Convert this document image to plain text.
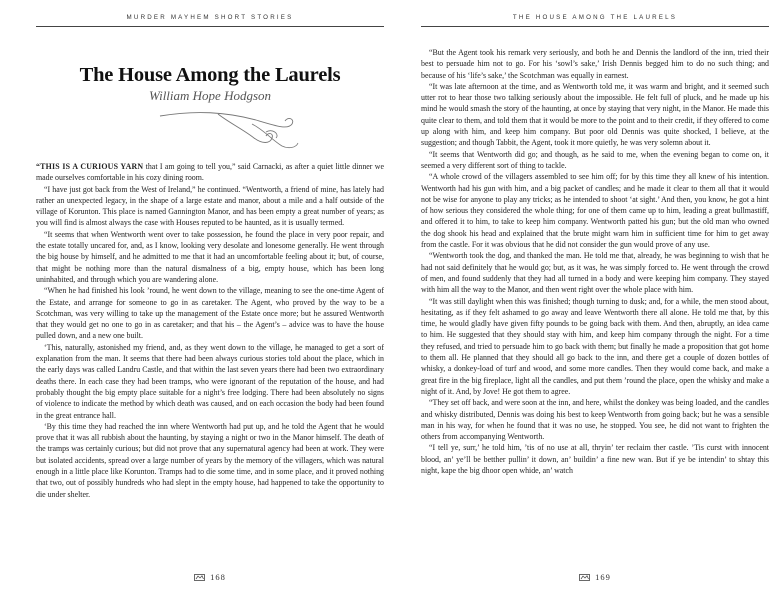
MURDER MAYHEM SHORT STORIES
The House Among the Laurels
William Hope Hodgson

“THIS IS A CURIOUS YARN that I am going to tell you,” said Carnacki, as after a quiet little dinner we made ourselves comfortable in his cozy dining room.

“I have just got back from the West of Ireland,” he continued. “Wentworth, a friend of mine, has lately had rather an unexpected legacy, in the shape of a large estate and manor, about a mile and a half outside of the village of Korunton. This place is named Gannington Manor, and has been empty a great number of years; as you will find is almost always the case with Houses reputed to be haunted, as it is usually termed.

“It seems that when Wentworth went over to take possession, he found the place in very poor repair, and the estate totally uncared for, and, as I know, looking very desolate and lonesome generally. He went through the big house by himself, and he admitted to me that it had an uncomfortable feeling about it; but, of course, that might be nothing more than the natural dismalness of a big, empty house, which has been long uninhabited, and through which you are wandering alone.

“When he had finished his look ’round, he went down to the village, meaning to see the one-time Agent of the Estate, and arrange for someone to go in as caretaker. The Agent, who proved by the way to be a Scotchman, was very willing to take up the management of the Estate once more; but he assured Wentworth that they would get no one to go in as caretaker; and that his – the Agent’s – advice was to have the house pulled down, and a new one built.

‘This, naturally, astonished my friend, and, as they went down to the village, he managed to get a sort of explanation from the man. It seems that there had been always curious stories told about the place, which in the early days was called Landru Castle, and that within the last seven years there had been two extraordinary deaths there. In each case they had been tramps, who were ignorant of the reputation of the house, and had probably thought the big empty place suitable for a night’s free lodging. There had been absolutely no signs of violence to indicate the method by which death was caused, and on each occasion the body had been found in the great entrance hall.

‘By this time they had reached the inn where Wentworth had put up, and he told the Agent that he would prove that it was all rubbish about the haunting, by staying a night or two in the Manor himself. The death of the tramps was certainly curious; but did not prove that any supernatural agency had been at work. They were but isolated accidents, spread over a large number of years by the memory of the villagers, which was natural enough in a little place like Korunton. Tramps had to die some time, and in some place, and it proved nothing that two, out of possibly hundreds who had slept in the empty house, had happened to take the opportunity to die under shelter.

168
THE HOUSE AMONG THE LAURELS

“But the Agent took his remark very seriously, and both he and Dennis the landlord of the inn, tried their best to persuade him not to go. For his ‘sowl’s sake,’ Irish Dennis begged him to do no such thing; and because of his ‘life’s sake,’ the Scotchman was equally in earnest.

“It was late afternoon at the time, and as Wentworth told me, it was warm and bright, and it seemed such utter rot to hear those two talking seriously about the impossible. He felt full of pluck, and he made up his mind he would smash the story of the haunting, at once by staying that very night, in the Manor. He made this quite clear to them, and told them that it would be more to the point and to their credit, if they offered to come up along with him, and keep him company. But poor old Dennis was quite shocked, I believe, at the suggestion; and though Tabbit, the Agent, took it more quietly, he was very solemn about it.

“It seems that Wentworth did go; and though, as he said to me, when the evening began to come on, it seemed a very different sort of thing to tackle.

“A whole crowd of the villagers assembled to see him off; for by this time they all knew of his intention. Wentworth had his gun with him, and a big packet of candles; and he made it clear to them all that it would not be wise for anyone to play any tricks; as he intended to shoot ‘at sight.’ And then, you know, he got a hint of how serious they considered the whole thing; for one of them came up to him, leading a great bullmastiff, and offered it to him, to take to keep him company. Wentworth patted his gun; but the old man who owned the dog shook his head and explained that the brute might warn him in sufficient time for him to get away from the castle. For it was obvious that he did not consider the gun would prove of any use.

“Wentworth took the dog, and thanked the man. He told me that, already, he was beginning to wish that he had not said definitely that he would go; but, as it was, he was simply forced to. He went through the crowd of men, and found suddenly that they had all turned in a body and were keeping him company. They stayed with him all the way to the Manor, and then went right over the whole place with him.

“It was still daylight when this was finished; though turning to dusk; and, for a while, the men stood about, hesitating, as if they felt ashamed to go away and leave Wentworth there all alone. He told me that, by this time, he would gladly have given fifty pounds to be going back with them. And then, abruptly, an idea came to him. He suggested that they should stay with him, and keep him company through the night. For a time they refused, and tried to persuade him to go back with them; but finally he made a proposition that got home to them all. He planned that they should all go back to the inn, and there get a couple of dozen bottles of whisky, a donkey-load of turf and wood, and some more candles. Then they would come back, and make a great fire in the big fireplace, light all the candles, and put them ’round the place, open the whisky and make a night of it. And, by Jove! He got them to agree.

“They set off back, and were soon at the inn, and here, whilst the donkey was being loaded, and the candles and whisky distributed, Dennis was doing his best to keep Wentworth from going back; but he was a sensible man in his way, for when he found that it was no use, he stopped. You see, he did not want to frighten the others from accompanying Wentworth.

“I tell ye, surr,’ he told him, ’tis of no use at all, thryin’ ter reclaim ther castle. ’Tis curst with innocent blood, an’ ye’ll be betther pullin’ it down, an’ buildin’ a fine new wan. But if ye be intendin’ to shtay this night, kape the big dhoor open whide, an’ watch

169
